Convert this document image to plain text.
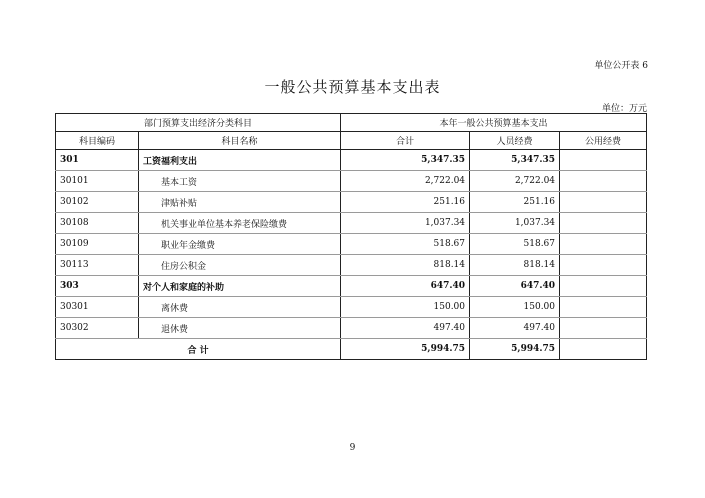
单位公开表 6
一般公共预算基本支出表
单位：万元
部门预算支出经济分类科目		本年一般公共预算基本支出		
科目编码	科目名称	合计	人员经费	公用经费
301	工资福利支出	5,347.35	5,347.35	
30101	基本工资	2,722.04	2,722.04	
30102	津贴补贴	251.16	251.16	
30108	机关事业单位基本养老保险缴费	1,037.34	1,037.34	
30109	职业年金缴费	518.67	518.67	
30113	住房公积金	818.14	818.14	
303	对个人和家庭的补助	647.40	647.40	
30301	离休费	150.00	150.00	
30302	退休费	497.40	497.40	
合 计		5,994.75	5,994.75	
9
